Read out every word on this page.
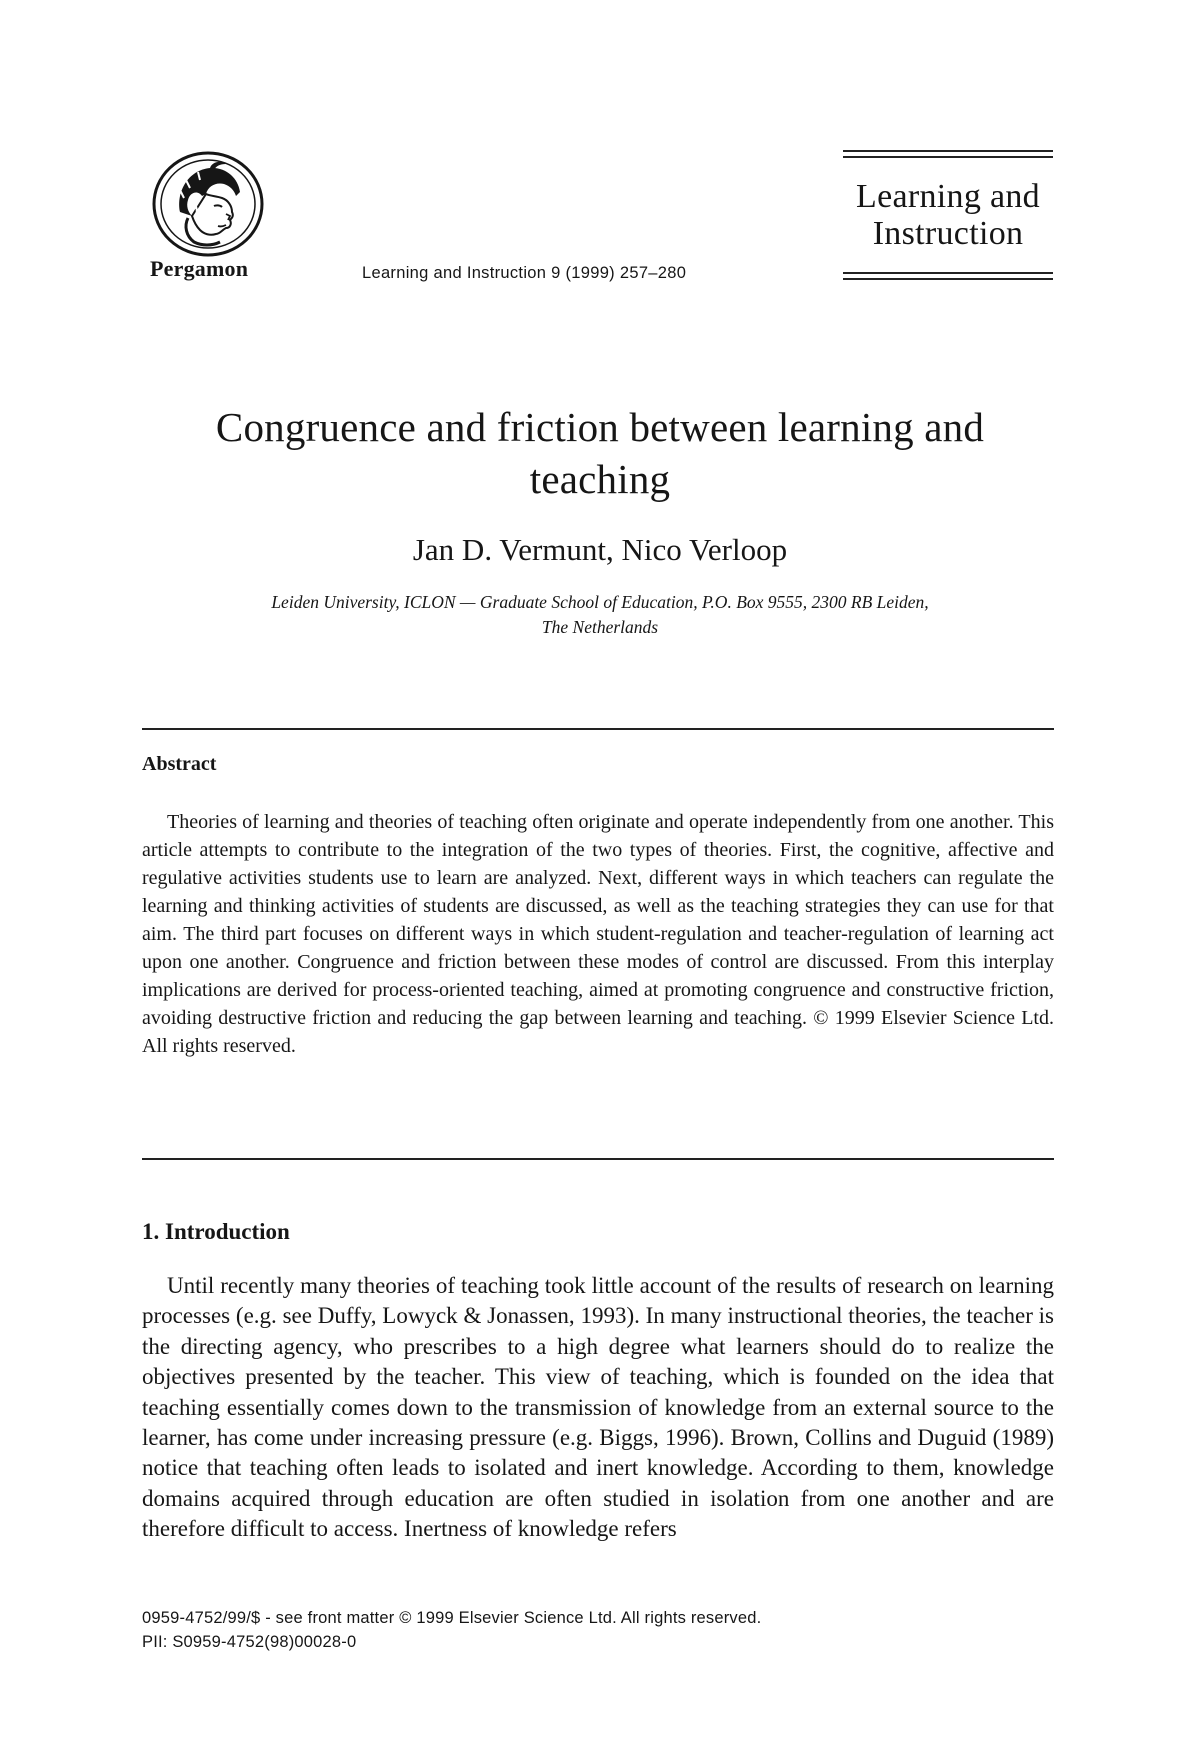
Pergamon	Learning and Instruction 9 (1999) 257–280
Learning and
Instruction
Congruence and friction between learning and
teaching
Jan D. Vermunt, Nico Verloop
Leiden University, ICLON — Graduate School of Education, P.O. Box 9555, 2300 RB Leiden,
The Netherlands
Abstract
Theories of learning and theories of teaching often originate and operate independently from one another. This article attempts to contribute to the integration of the two types of theories. First, the cognitive, affective and regulative activities students use to learn are analyzed. Next, different ways in which teachers can regulate the learning and thinking activities of students are discussed, as well as the teaching strategies they can use for that aim. The third part focuses on different ways in which student-regulation and teacher-regulation of learning act upon one another. Congruence and friction between these modes of control are discussed. From this interplay implications are derived for process-oriented teaching, aimed at promoting congruence and constructive friction, avoiding destructive friction and reducing the gap between learning and teaching. © 1999 Elsevier Science Ltd. All rights reserved.
1. Introduction
Until recently many theories of teaching took little account of the results of research on learning processes (e.g. see Duffy, Lowyck & Jonassen, 1993). In many instructional theories, the teacher is the directing agency, who prescribes to a high degree what learners should do to realize the objectives presented by the teacher. This view of teaching, which is founded on the idea that teaching essentially comes down to the transmission of knowledge from an external source to the learner, has come under increasing pressure (e.g. Biggs, 1996). Brown, Collins and Duguid (1989) notice that teaching often leads to isolated and inert knowledge. According to them, knowledge domains acquired through education are often studied in isolation from one another and are therefore difficult to access. Inertness of knowledge refers
0959-4752/99/$ - see front matter © 1999 Elsevier Science Ltd. All rights reserved.
PII: S0959-4752(98)00028-0
